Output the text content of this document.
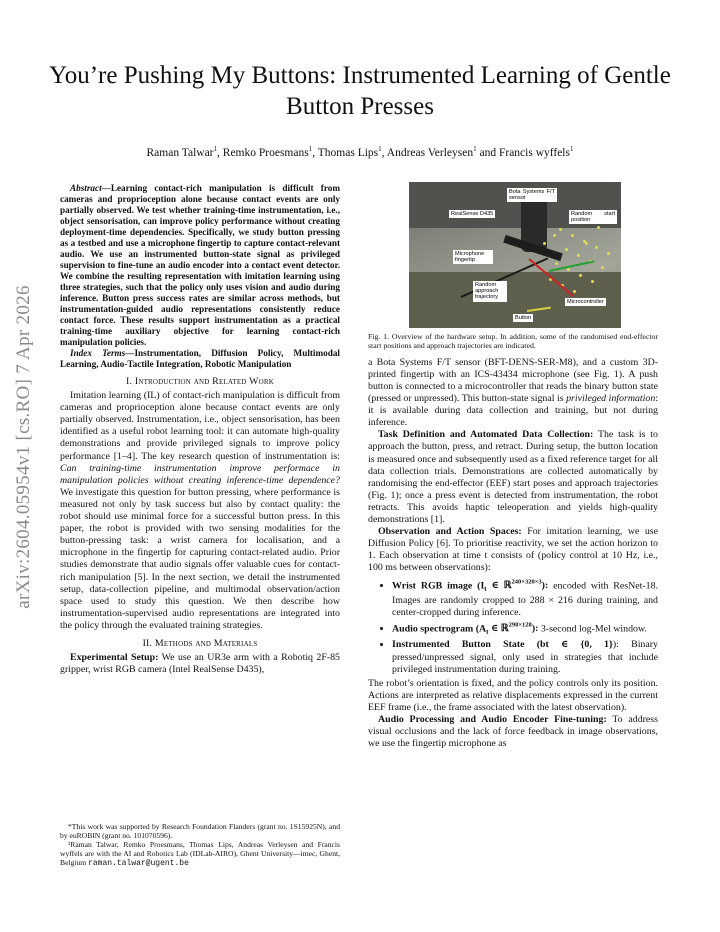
arXiv:2604.05954v1 [cs.RO] 7 Apr 2026
You’re Pushing My Buttons: Instrumented Learning of Gentle Button Presses
Raman Talwar$^1$, Remko Proesmans$^1$, Thomas Lips$^1$, Andreas Verleysen$^1$ and Francis wyffels$^1$

Abstract—Learning contact-rich manipulation is difficult from cameras and proprioception alone because contact events are only partially observed. We test whether training-time instrumentation, i.e., object sensorisation, can improve policy performance without creating deployment-time dependencies. Specifically, we study button pressing as a testbed and use a microphone fingertip to capture contact-relevant audio. We use an instrumented button-state signal as privileged supervision to fine-tune an audio encoder into a contact event detector. We combine the resulting representation with imitation learning using three strategies, such that the policy only uses vision and audio during inference. Button press success rates are similar across methods, but instrumentation-guided audio representations consistently reduce contact force. These results support instrumentation as a practical training-time auxiliary objective for learning contact-rich manipulation policies.

Index Terms—Instrumentation, Diffusion Policy, Multimodal Learning, Audio-Tactile Integration, Robotic Manipulation

I. Introduction and Related Work

Imitation learning (IL) of contact-rich manipulation is difficult from cameras and proprioception alone because contact events are only partially observed. Instrumentation, i.e., object sensorisation, has been identified as a useful robot learning tool: it can automate high-quality demonstrations and provide privileged signals to improve policy performance [1–4]. The key research question of instrumentation is: Can training-time instrumentation improve performace in manipulation policies without creating inference-time dependence? We investigate this question for button pressing, where performance is measured not only by task success but also by contact quality: the robot should use minimal force for a successful button press. In this paper, the robot is provided with two sensing modalities for the button-pressing task: a wrist camera for localisation, and a microphone in the fingertip for capturing contact-related audio. Prior studies demonstrate that audio signals offer valuable cues for contact-rich manipulation [5]. In the next section, we detail the instrumented setup, data-collection pipeline, and multimodal observation/action space used to study this question. We then describe how instrumentation-supervised audio representations are integrated into the policy through the evaluated training strategies.

II. Methods and Materials

Experimental Setup: We use an UR3e arm with a Robotiq 2F-85 gripper, wrist RGB camera (Intel RealSense D435),

*This work was supported by Research Foundation Flanders (grant no. 1S15925N), and by euROBIN (grant no. 101070596).

¹Raman Talwar, Remko Proesmans, Thomas Lips, Andreas Verleysen and Francis wyffels are with the AI and Robotics Lab (IDLab-AIRO), Ghent University—imec, Ghent, Belgium raman.talwar@ugent.be

Bota Systems F/T sensor
RealSense D435	Random start position
Microphone fingertip
Random approach trajectory
Microcontroller
Button

Fig. 1. Overview of the hardware setup. In addition, some of the randomised end-effector start positions and approach trajectories are indicated.

a Bota Systems F/T sensor (BFT-DENS-SER-M8), and a custom 3D-printed fingertip with an ICS-43434 microphone (see Fig. 1). A push button is connected to a microcontroller that reads the binary button state (pressed or unpressed). This button-state signal is privileged information: it is available during data collection and training, but not during inference.

Task Definition and Automated Data Collection: The task is to approach the button, press, and retract. During setup, the button location is measured once and subsequently used as a fixed reference target for all data collection trials. Demonstrations are collected automatically by randomising the end-effector (EEF) start poses and approach trajectories (Fig. 1); once a press event is detected from instrumentation, the robot retracts. This avoids haptic teleoperation and yields high-quality demonstrations [1].

Observation and Action Spaces: For imitation learning, we use Diffusion Policy [6]. To prioritise reactivity, we set the action horizon to 1. Each observation at time t consists of (policy control at 10 Hz, i.e., 100 ms between observations):

• Wrist RGB image ($I_t$ ∈ ℝ$^{240\times 320\times 3}$): encoded with ResNet-18. Images are randomly cropped to 288 × 216 during training, and center-cropped during inference.
• Audio spectrogram ($A_t$ ∈ ℝ$^{298\times 128}$): 3-second log-Mel window.
• Instrumented Button State (bt ∈ {0, 1}): Binary pressed/unpressed signal, only used in strategies that include privileged instrumentation during training.

The robot’s orientation is fixed, and the policy controls only its position. Actions are interpreted as relative displacements expressed in the current EEF frame (i.e., the frame associated with the latest observation).

Audio Processing and Audio Encoder Fine-tuning: To address visual occlusions and the lack of force feedback in image observations, we use the fingertip microphone as
